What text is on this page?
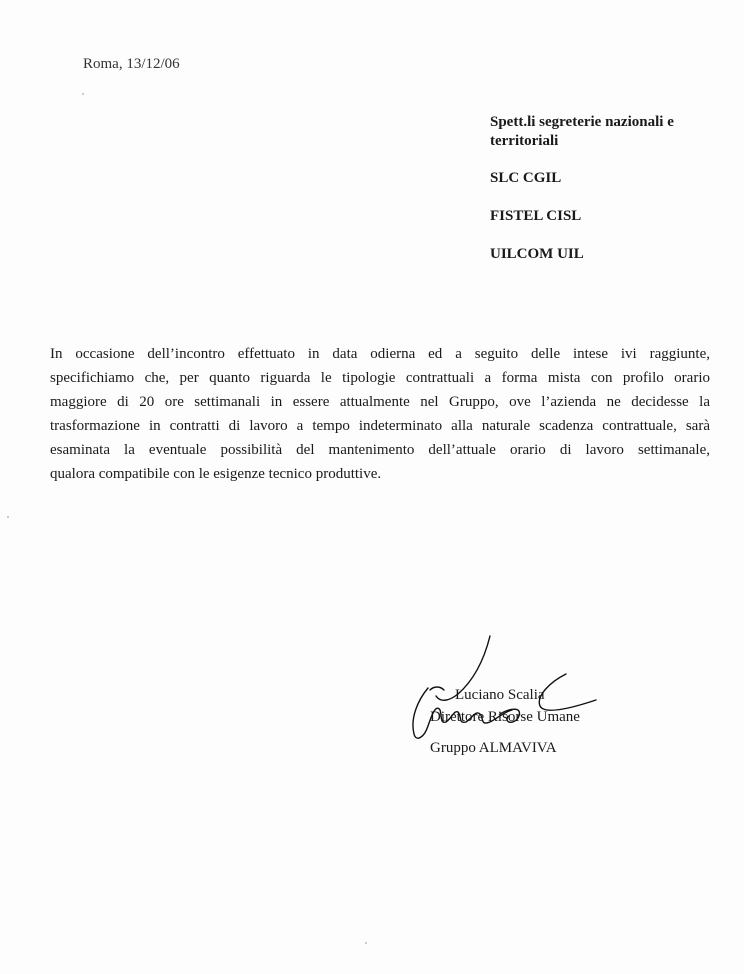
Roma, 13/12/06
Spett.li segreterie nazionali e
territoriali
SLC CGIL
FISTEL CISL
UILCOM UIL
In occasione dell’incontro effettuato in data odierna ed a seguito delle intese ivi raggiunte,
specifichiamo che, per quanto riguarda le tipologie contrattuali a forma mista con profilo orario
maggiore di 20 ore settimanali in essere attualmente nel Gruppo, ove l’azienda ne decidesse la
trasformazione in contratti di lavoro a tempo indeterminato alla naturale scadenza contrattuale, sarà
esaminata la eventuale possibilità del mantenimento dell’attuale orario di lavoro settimanale,
qualora compatibile con le esigenze tecnico produttive.
Luciano Scalia
Direttore Risorse Umane
Gruppo ALMAVIVA
